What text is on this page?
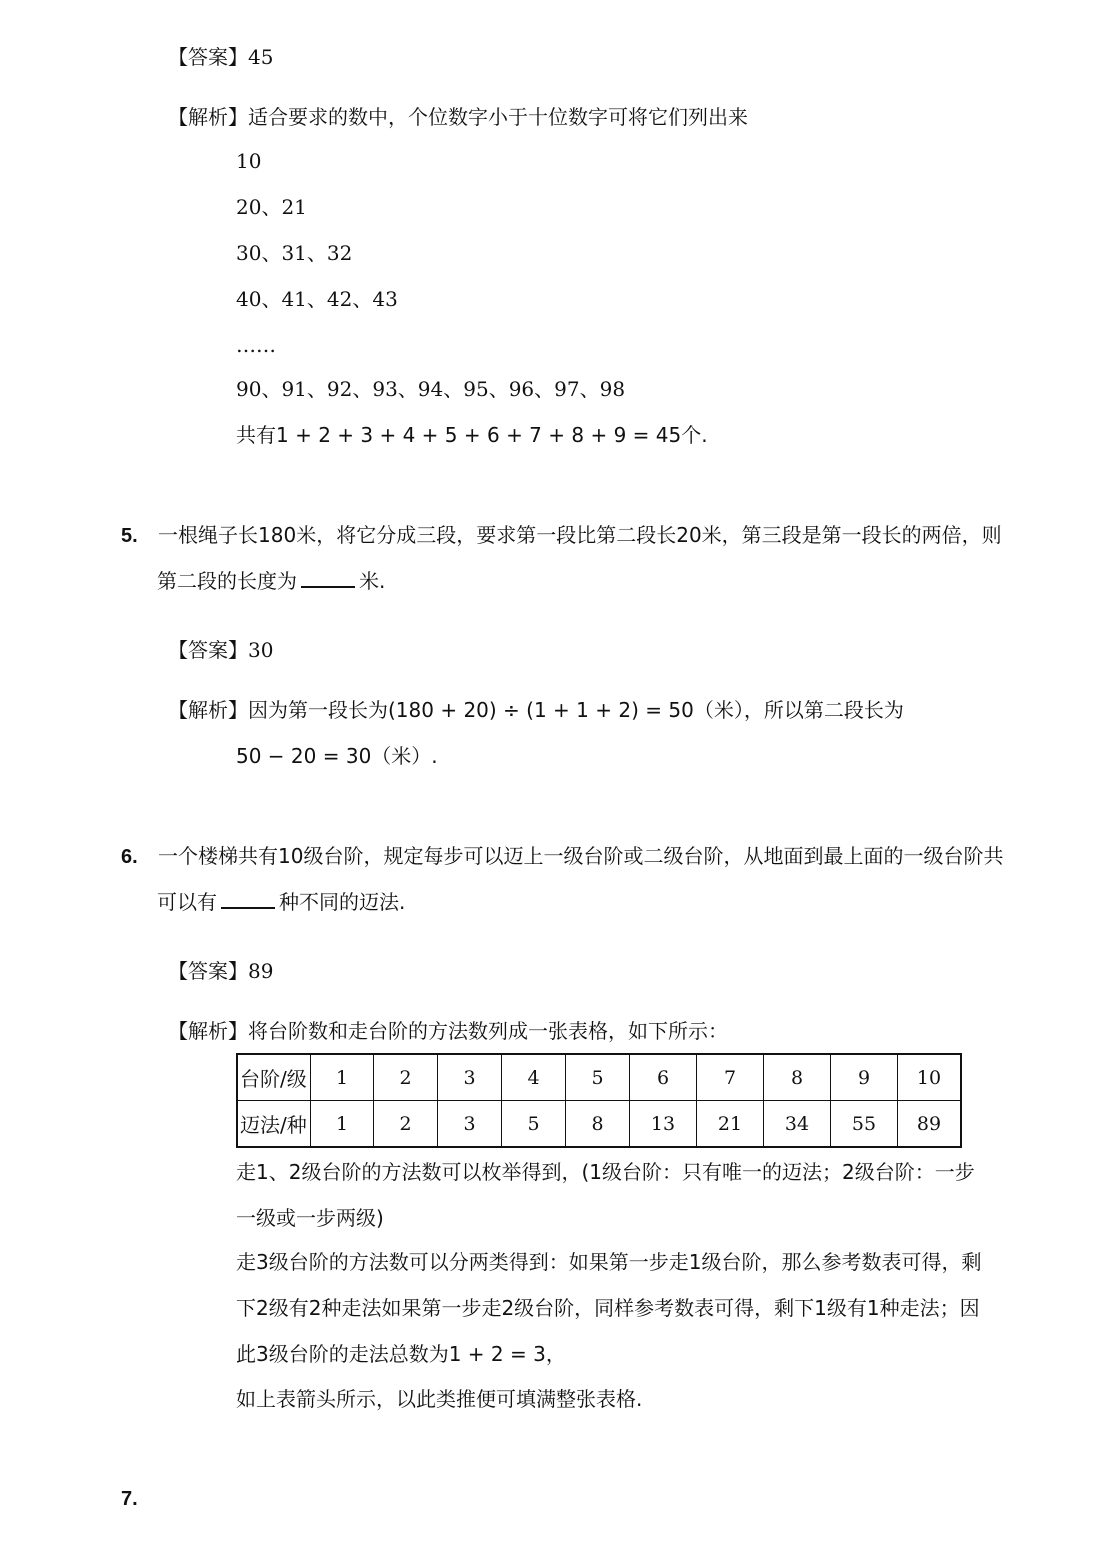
【答案】45
【解析】适合要求的数中，个位数字小于十位数字可将它们列出来
10
20、21
30、31、32
40、41、42、43
……
90、91、92、93、94、95、96、97、98
共有1 + 2 + 3 + 4 + 5 + 6 + 7 + 8 + 9 = 45个.
5. 一根绳子长180米，将它分成三段，要求第一段比第二段长20米，第三段是第一段长的两倍，则
第二段的长度为	米.
【答案】30
【解析】因为第一段长为(180 + 20) ÷ (1 + 1 + 2) = 50（米），所以第二段长为
50 − 20 = 30（米）.
6. 一个楼梯共有10级台阶，规定每步可以迈上一级台阶或二级台阶，从地面到最上面的一级台阶共
可以有	种不同的迈法.
【答案】89
【解析】将台阶数和走台阶的方法数列成一张表格，如下所示：
台阶/级	1	2	3	4	5	6	7	8	9	10
迈法/种	1	2	3	5	8	13	21	34	55	89
走1、2级台阶的方法数可以枚举得到，(1级台阶：只有唯一的迈法；2级台阶：一步
一级或一步两级)
走3级台阶的方法数可以分两类得到：如果第一步走1级台阶，那么参考数表可得，剩
下2级有2种走法如果第一步走2级台阶，同样参考数表可得，剩下1级有1种走法；因
此3级台阶的走法总数为1 + 2 = 3，
如上表箭头所示，以此类推便可填满整张表格.
7.
